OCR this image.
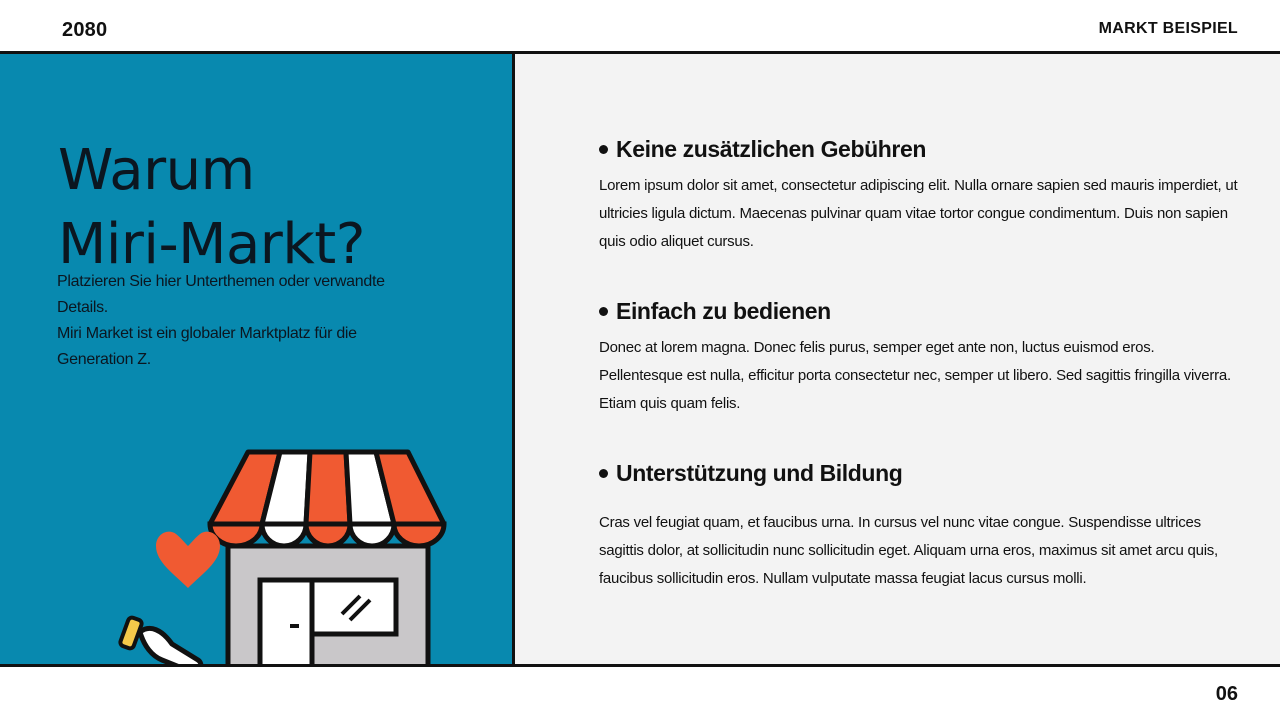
2080	MARKT BEISPIEL
Warum
Miri-Markt?
Platzieren Sie hier Unterthemen oder verwandte Details.
Miri Market ist ein globaler Marktplatz für die Generation Z.
Keine zusätzlichen Gebühren

Lorem ipsum dolor sit amet, consectetur adipiscing elit. Nulla ornare sapien sed mauris imperdiet, ut ultricies ligula dictum. Maecenas pulvinar quam vitae tortor congue condimentum. Duis non sapien quis odio aliquet cursus.

Einfach zu bedienen

Donec at lorem magna. Donec felis purus, semper eget ante non, luctus euismod eros. Pellentesque est nulla, efficitur porta consectetur nec, semper ut libero. Sed sagittis fringilla viverra. Etiam quis quam felis.

Unterstützung und Bildung

Cras vel feugiat quam, et faucibus urna. In cursus vel nunc vitae congue. Suspendisse ultrices sagittis dolor, at sollicitudin nunc sollicitudin eget. Aliquam urna eros, maximus sit amet arcu quis, faucibus sollicitudin eros. Nullam vulputate massa feugiat lacus cursus molli.

06
